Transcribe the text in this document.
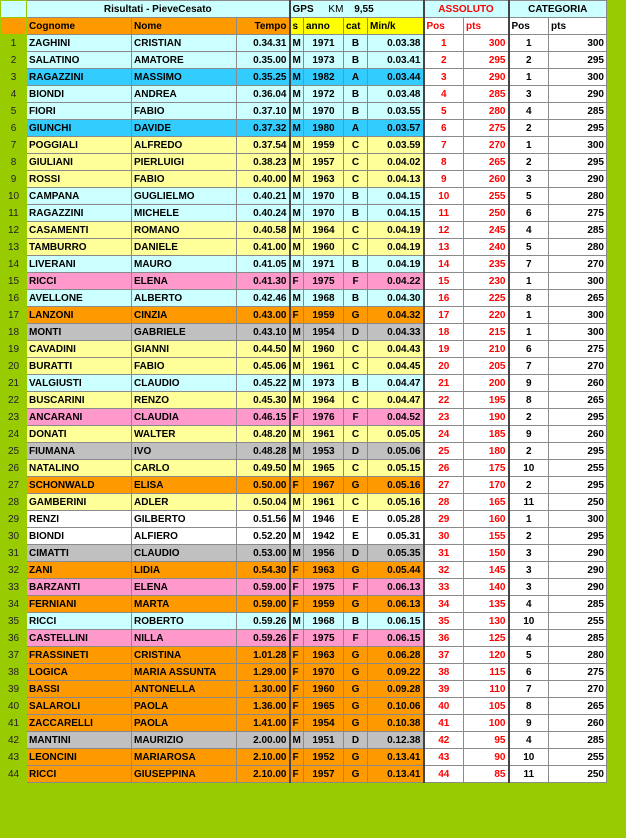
	Risultati - PieveCesato			GPS KM 9,55				ASSOLUTO		CATEGORIA	
	Cognome	Nome	Tempo	s	anno	cat	Min/k	Pos	pts	Pos	pts
1	ZAGHINI	CRISTIAN	0.34.31	M	1971	B	0.03.38	1	300	1	300
2	SALATINO	AMATORE	0.35.00	M	1973	B	0.03.41	2	295	2	295
3	RAGAZZINI	MASSIMO	0.35.25	M	1982	A	0.03.44	3	290	1	300
4	BIONDI	ANDREA	0.36.04	M	1972	B	0.03.48	4	285	3	290
5	FIORI	FABIO	0.37.10	M	1970	B	0.03.55	5	280	4	285
6	GIUNCHI	DAVIDE	0.37.32	M	1980	A	0.03.57	6	275	2	295
7	POGGIALI	ALFREDO	0.37.54	M	1959	C	0.03.59	7	270	1	300
8	GIULIANI	PIERLUIGI	0.38.23	M	1957	C	0.04.02	8	265	2	295
9	ROSSI	FABIO	0.40.00	M	1963	C	0.04.13	9	260	3	290
10	CAMPANA	GUGLIELMO	0.40.21	M	1970	B	0.04.15	10	255	5	280
11	RAGAZZINI	MICHELE	0.40.24	M	1970	B	0.04.15	11	250	6	275
12	CASAMENTI	ROMANO	0.40.58	M	1964	C	0.04.19	12	245	4	285
13	TAMBURRO	DANIELE	0.41.00	M	1960	C	0.04.19	13	240	5	280
14	LIVERANI	MAURO	0.41.05	M	1971	B	0.04.19	14	235	7	270
15	RICCI	ELENA	0.41.30	F	1975	F	0.04.22	15	230	1	300
16	AVELLONE	ALBERTO	0.42.46	M	1968	B	0.04.30	16	225	8	265
17	LANZONI	CINZIA	0.43.00	F	1959	G	0.04.32	17	220	1	300
18	MONTI	GABRIELE	0.43.10	M	1954	D	0.04.33	18	215	1	300
19	CAVADINI	GIANNI	0.44.50	M	1960	C	0.04.43	19	210	6	275
20	BURATTI	FABIO	0.45.06	M	1961	C	0.04.45	20	205	7	270
21	VALGIUSTI	CLAUDIO	0.45.22	M	1973	B	0.04.47	21	200	9	260
22	BUSCARINI	RENZO	0.45.30	M	1964	C	0.04.47	22	195	8	265
23	ANCARANI	CLAUDIA	0.46.15	F	1976	F	0.04.52	23	190	2	295
24	DONATI	WALTER	0.48.20	M	1961	C	0.05.05	24	185	9	260
25	FIUMANA	IVO	0.48.28	M	1953	D	0.05.06	25	180	2	295
26	NATALINO	CARLO	0.49.50	M	1965	C	0.05.15	26	175	10	255
27	SCHONWALD	ELISA	0.50.00	F	1967	G	0.05.16	27	170	2	295
28	GAMBERINI	ADLER	0.50.04	M	1961	C	0.05.16	28	165	11	250
29	RENZI	GILBERTO	0.51.56	M	1946	E	0.05.28	29	160	1	300
30	BIONDI	ALFIERO	0.52.20	M	1942	E	0.05.31	30	155	2	295
31	CIMATTI	CLAUDIO	0.53.00	M	1956	D	0.05.35	31	150	3	290
32	ZANI	LIDIA	0.54.30	F	1963	G	0.05.44	32	145	3	290
33	BARZANTI	ELENA	0.59.00	F	1975	F	0.06.13	33	140	3	290
34	FERNIANI	MARTA	0.59.00	F	1959	G	0.06.13	34	135	4	285
35	RICCI	ROBERTO	0.59.26	M	1968	B	0.06.15	35	130	10	255
36	CASTELLINI	NILLA	0.59.26	F	1975	F	0.06.15	36	125	4	285
37	FRASSINETI	CRISTINA	1.01.28	F	1963	G	0.06.28	37	120	5	280
38	LOGICA	MARIA ASSUNTA	1.29.00	F	1970	G	0.09.22	38	115	6	275
39	BASSI	ANTONELLA	1.30.00	F	1960	G	0.09.28	39	110	7	270
40	SALAROLI	PAOLA	1.36.00	F	1965	G	0.10.06	40	105	8	265
41	ZACCARELLI	PAOLA	1.41.00	F	1954	G	0.10.38	41	100	9	260
42	MANTINI	MAURIZIO	2.00.00	M	1951	D	0.12.38	42	95	4	285
43	LEONCINI	MARIAROSA	2.10.00	F	1952	G	0.13.41	43	90	10	255
44	RICCI	GIUSEPPINA	2.10.00	F	1957	G	0.13.41	44	85	11	250
